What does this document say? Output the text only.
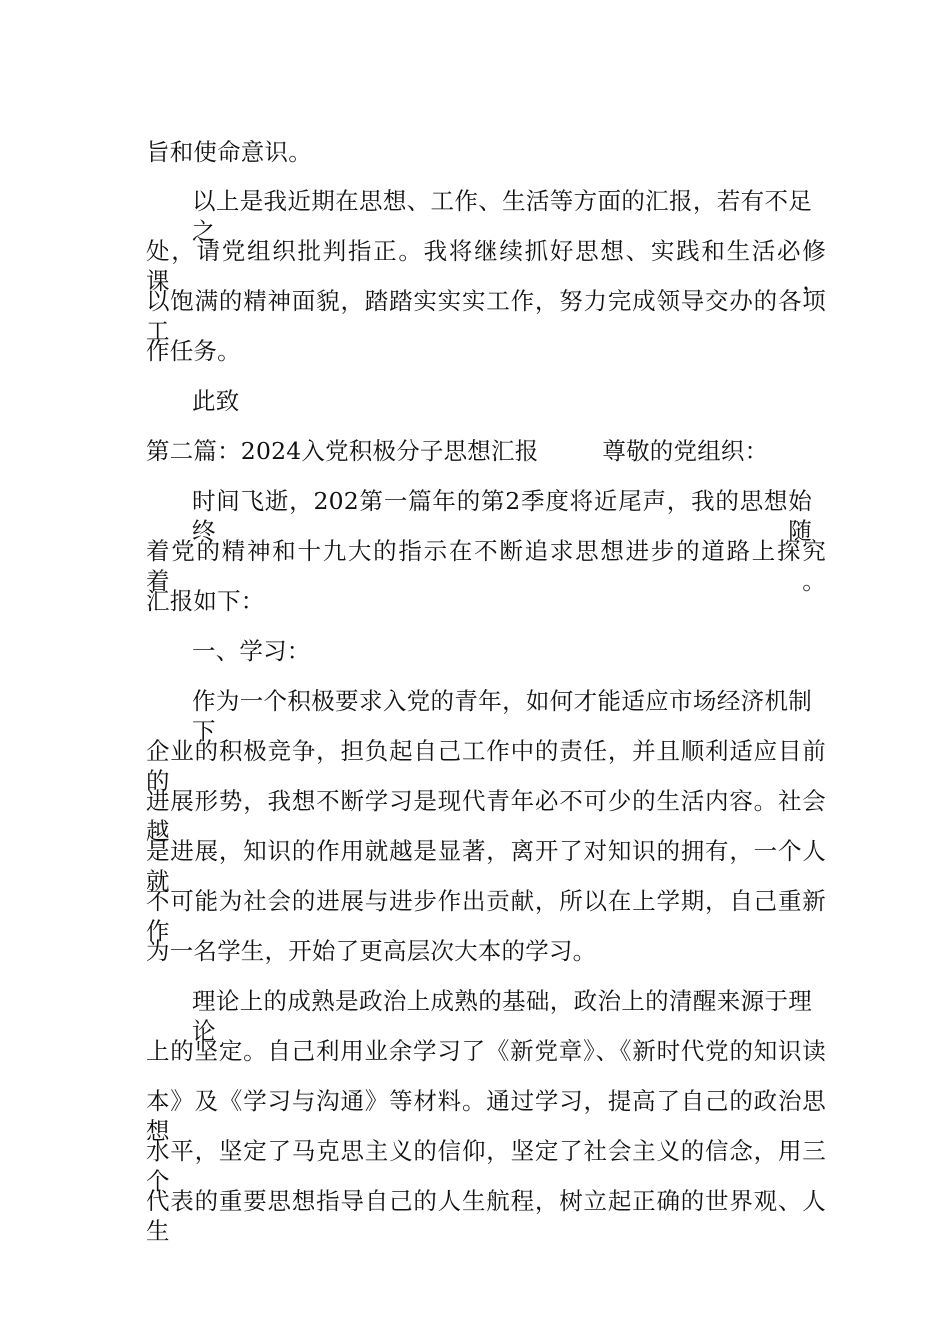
旨和使命意识。
以上是我近期在思想、工作、生活等方面的汇报，若有不足之
处，请党组织批判指正。我将继续抓好思想、实践和生活必修课，
以饱满的精神面貌，踏踏实实实工作，努力完成领导交办的各项工
作任务。
此致
第二篇：2024入党积极分子思想汇报	尊敬的党组织：
时间飞逝，202第一篇年的第2季度将近尾声，我的思想始终随
着党的精神和十九大的指示在不断追求思想进步的道路上探究着。
汇报如下：
一、学习：
作为一个积极要求入党的青年，如何才能适应市场经济机制下
企业的积极竞争，担负起自己工作中的责任，并且顺利适应目前的
进展形势，我想不断学习是现代青年必不可少的生活内容。社会越
是进展，知识的作用就越是显著，离开了对知识的拥有，一个人就
不可能为社会的进展与进步作出贡献，所以在上学期，自己重新作
为一名学生，开始了更高层次大本的学习。
理论上的成熟是政治上成熟的基础，政治上的清醒来源于理论
上的坚定。自己利用业余学习了《新党章》、《新时代党的知识读
本》及《学习与沟通》等材料。通过学习，提高了自己的政治思想
水平，坚定了马克思主义的信仰，坚定了社会主义的信念，用三个
代表的重要思想指导自己的人生航程，树立起正确的世界观、人生
